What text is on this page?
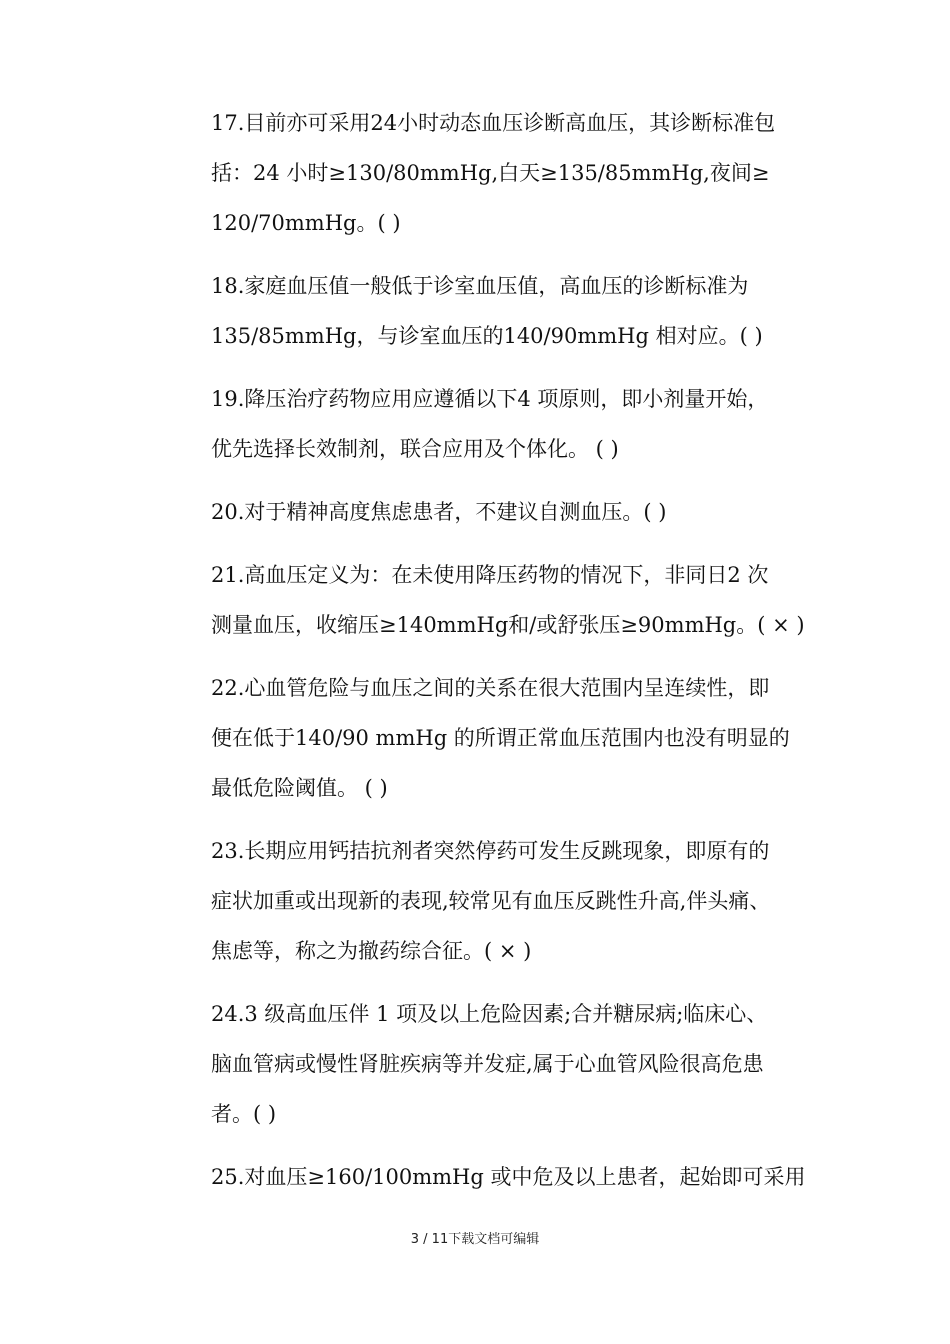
17.目前亦可采用24小时动态血压诊断高血压，其诊断标准包
括：24 小时≥130/80mmHg,白天≥135/85mmHg,夜间≥
120/70mmHg。( )
18.家庭血压值一般低于诊室血压值，高血压的诊断标准为
135/85mmHg，与诊室血压的140/90mmHg 相对应。( )
19.降压治疗药物应用应遵循以下4 项原则，即小剂量开始，
优先选择长效制剂，联合应用及个体化。 ( )
20.对于精神高度焦虑患者，不建议自测血压。( )
21.高血压定义为：在未使用降压药物的情况下，非同日2 次
测量血压，收缩压≥140mmHg和/或舒张压≥90mmHg。( × )
22.心血管危险与血压之间的关系在很大范围内呈连续性，即
便在低于140/90 mmHg 的所谓正常血压范围内也没有明显的
最低危险阈值。 ( )
23.长期应用钙拮抗剂者突然停药可发生反跳现象，即原有的
症状加重或出现新的表现,较常见有血压反跳性升高,伴头痛、
焦虑等，称之为撤药综合征。( × )
24.3 级高血压伴 1 项及以上危险因素;合并糖尿病;临床心、
脑血管病或慢性肾脏疾病等并发症,属于心血管风险很高危患
者。( )
25.对血压≥160/100mmHg 或中危及以上患者，起始即可采用
3 / 11下载文档可编辑
